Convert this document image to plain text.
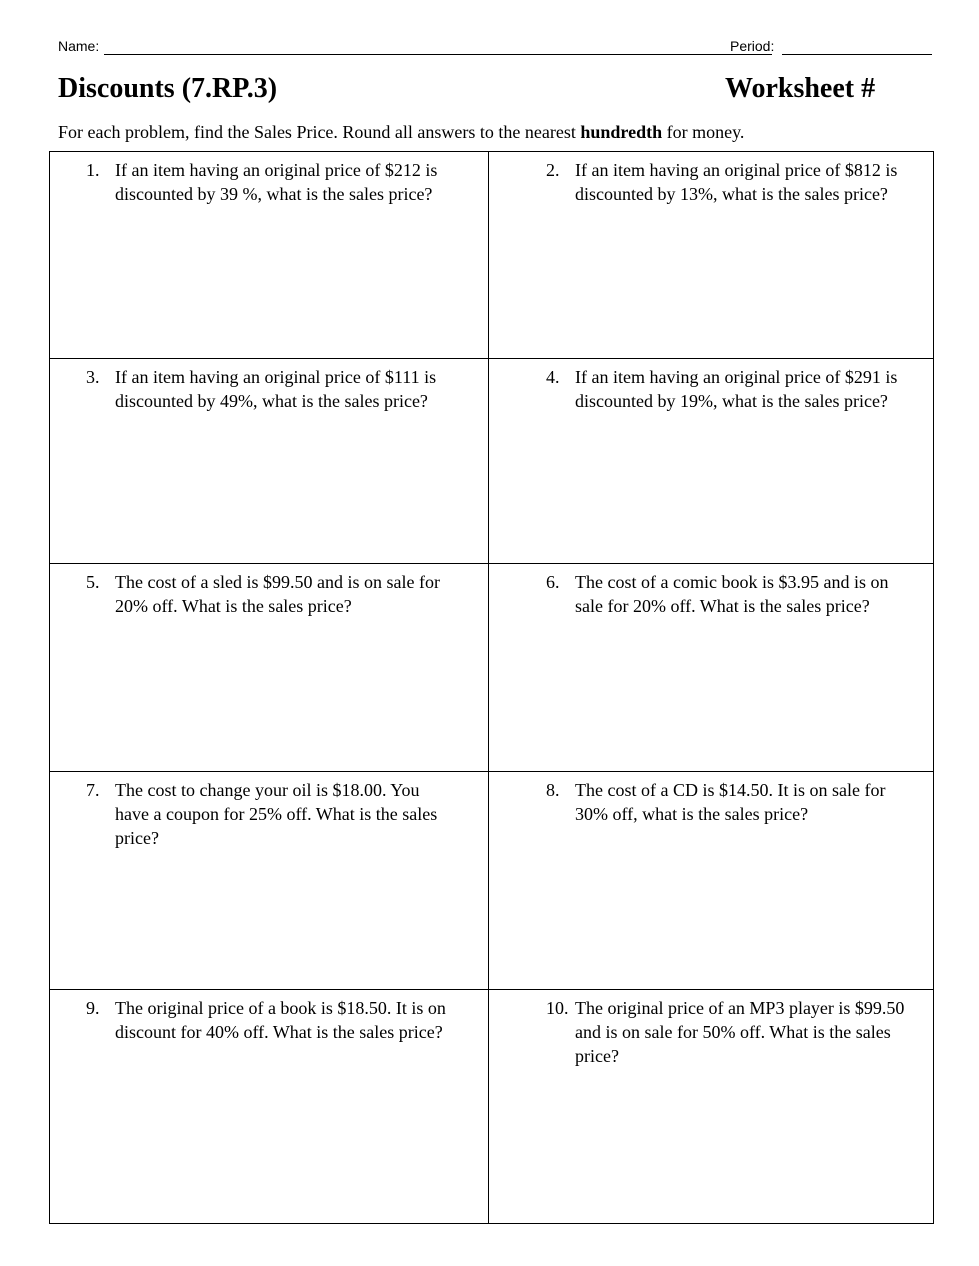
Name:	Period:
Discounts (7.RP.3)	Worksheet #
For each problem, find the Sales Price. Round all answers to the nearest hundredth for money.
1. If an item having an original price of $212 is discounted by 39 %, what is the sales price?	2. If an item having an original price of $812 is discounted by 13%, what is the sales price?

3. If an item having an original price of $111 is discounted by 49%, what is the sales price?	4. If an item having an original price of $291 is discounted by 19%, what is the sales price?

5. The cost of a sled is $99.50 and is on sale for 20% off. What is the sales price?	6. The cost of a comic book is $3.95 and is on sale for 20% off. What is the sales price?

7. The cost to change your oil is $18.00. You have a coupon for 25% off. What is the sales price?	8. The cost of a CD is $14.50. It is on sale for 30% off, what is the sales price?

9. The original price of a book is $18.50. It is on discount for 40% off. What is the sales price?	10. The original price of an MP3 player is $99.50 and is on sale for 50% off. What is the sales price?
